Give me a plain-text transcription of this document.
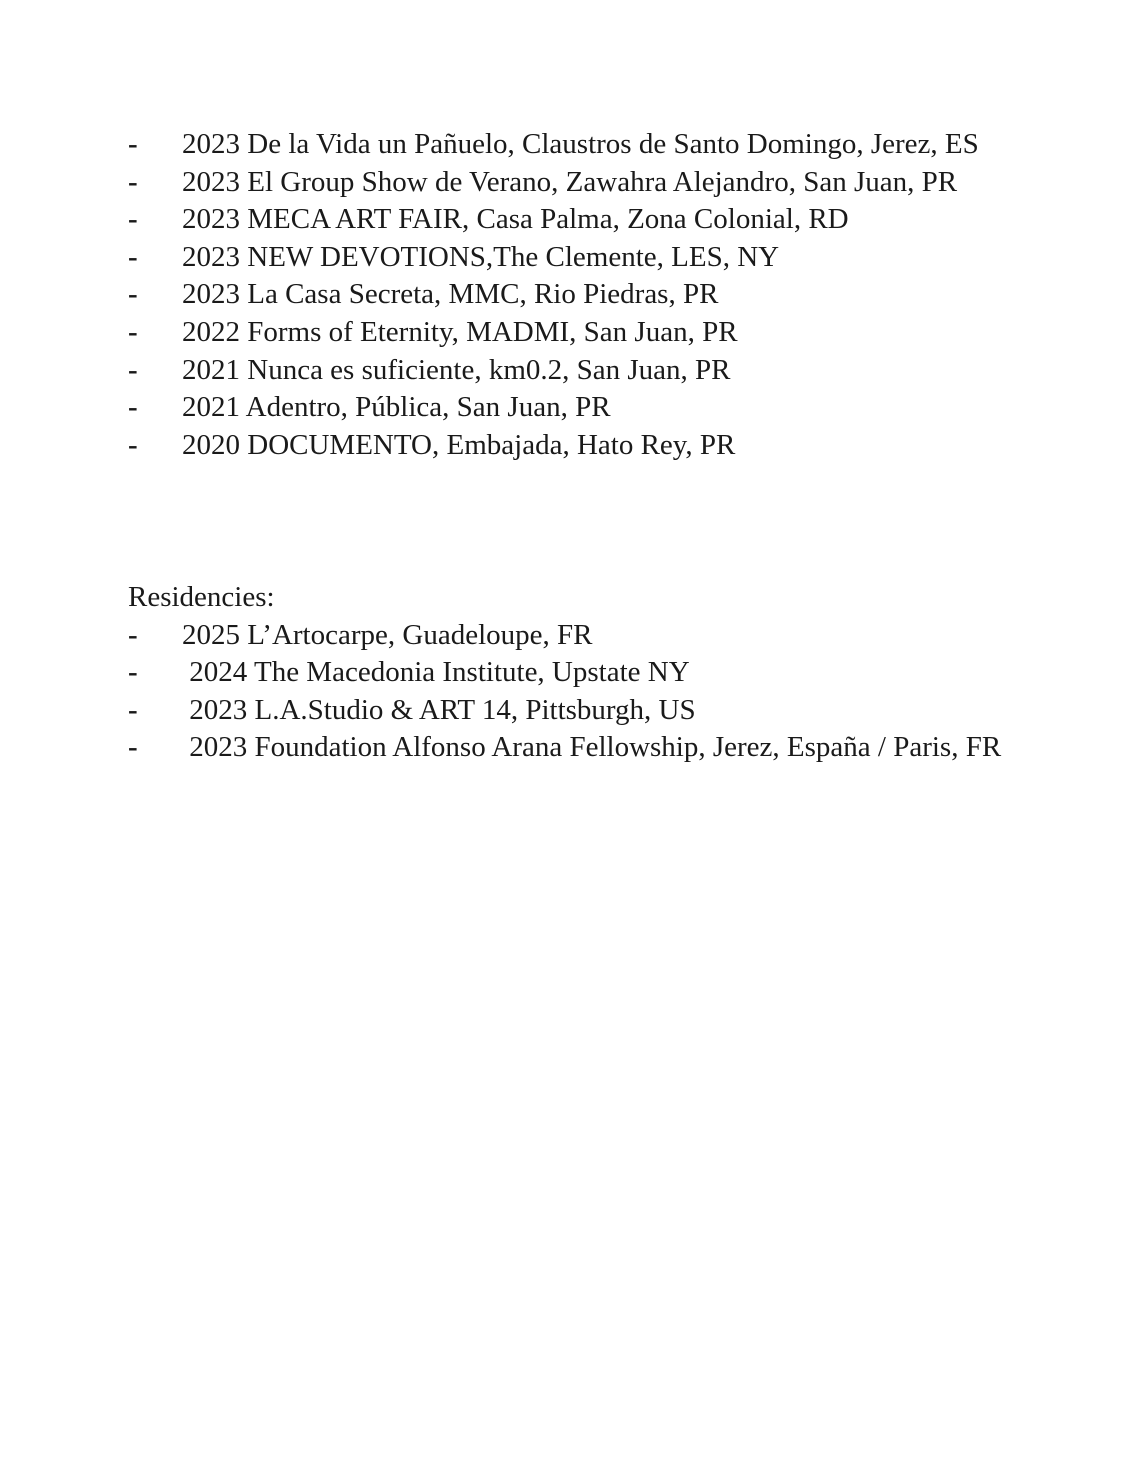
-	2023 De la Vida un Pañuelo, Claustros de Santo Domingo, Jerez, ES
-	2023 El Group Show de Verano, Zawahra Alejandro, San Juan, PR
-	2023 MECA ART FAIR, Casa Palma, Zona Colonial, RD
-	2023 NEW DEVOTIONS,The Clemente, LES, NY
-	2023 La Casa Secreta, MMC, Rio Piedras, PR
-	2022 Forms of Eternity, MADMI, San Juan, PR
-	2021 Nunca es suficiente, km0.2, San Juan, PR
-	2021 Adentro, Pública, San Juan, PR
-	2020 DOCUMENTO, Embajada, Hato Rey, PR

Residencies:

-	2025 L’Artocarpe, Guadeloupe, FR
-	2024 The Macedonia Institute, Upstate NY
-	2023 L.A.Studio & ART 14, Pittsburgh, US
-	2023 Foundation Alfonso Arana Fellowship, Jerez, España / Paris, FR
